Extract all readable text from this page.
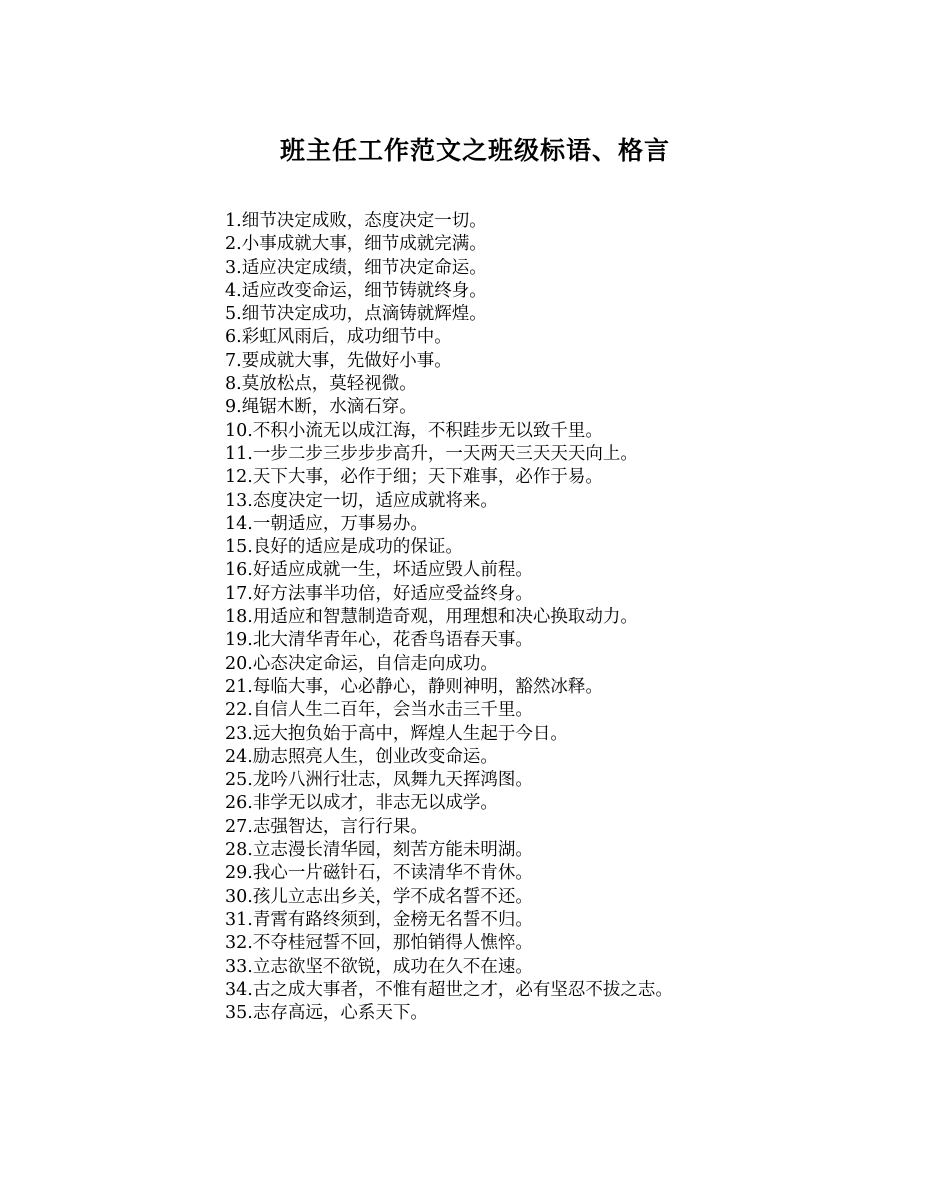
班主任工作范文之班级标语、格言
1.细节决定成败，态度决定一切。
2.小事成就大事，细节成就完满。
3.适应决定成绩，细节决定命运。
4.适应改变命运，细节铸就终身。
5.细节决定成功，点滴铸就辉煌。
6.彩虹风雨后，成功细节中。
7.要成就大事，先做好小事。
8.莫放松点，莫轻视微。
9.绳锯木断，水滴石穿。
10.不积小流无以成江海，不积跬步无以致千里。
11.一步二步三步步步高升，一天两天三天天天向上。
12.天下大事，必作于细；天下难事，必作于易。
13.态度决定一切，适应成就将来。
14.一朝适应，万事易办。
15.良好的适应是成功的保证。
16.好适应成就一生，坏适应毁人前程。
17.好方法事半功倍，好适应受益终身。
18.用适应和智慧制造奇观，用理想和决心换取动力。
19.北大清华青年心，花香鸟语春天事。
20.心态决定命运，自信走向成功。
21.每临大事，心必静心，静则神明，豁然冰释。
22.自信人生二百年，会当水击三千里。
23.远大抱负始于高中，辉煌人生起于今日。
24.励志照亮人生，创业改变命运。
25.龙吟八洲行壮志，凤舞九天挥鸿图。
26.非学无以成才，非志无以成学。
27.志强智达，言行行果。
28.立志漫长清华园，刻苦方能未明湖。
29.我心一片磁针石，不读清华不肯休。
30.孩儿立志出乡关，学不成名誓不还。
31.青霄有路终须到，金榜无名誓不归。
32.不夺桂冠誓不回，那怕销得人憔悴。
33.立志欲坚不欲锐，成功在久不在速。
34.古之成大事者，不惟有超世之才，必有坚忍不拔之志。
35.志存高远，心系天下。
